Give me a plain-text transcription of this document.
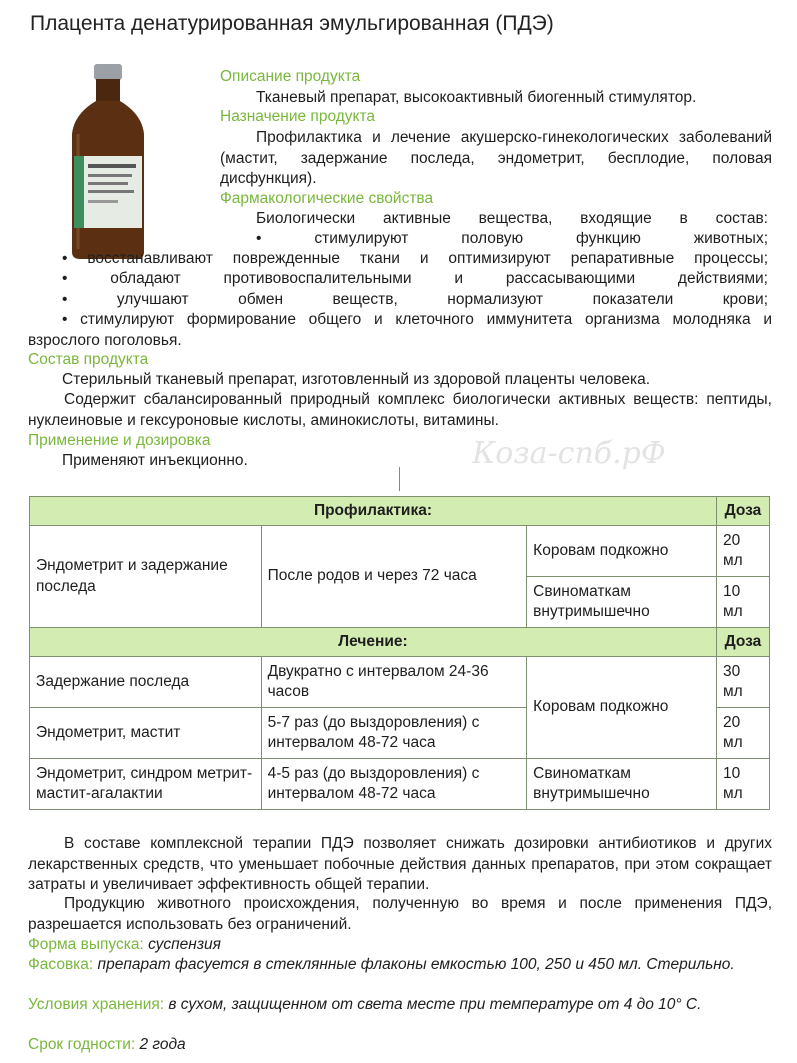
Плацента денатурированная эмульгированная (ПДЭ)

Описание продукта

Тканевый препарат, высокоактивный биогенный стимулятор.

Назначение продукта

Профилактика и лечение акушерско-гинекологических заболеваний (мастит, задержание последа, эндометрит, бесплодие, половая дисфункция).

Фармакологические свойства

Биологически активные вещества, входящие в состав:

• стимулируют половую функцию животных;

• восстанавливают поврежденные ткани и оптимизируют репаративные процессы;

• обладают противовоспалительными и рассасывающими действиями;

• улучшают обмен веществ, нормализуют показатели крови;

• стимулируют формирование общего и клеточного иммунитета организма молодняка и взрослого поголовья.

Состав продукта

Стерильный тканевый препарат, изготовленный из здоровой плаценты человека.

Содержит сбалансированный природный комплекс биологически активных веществ: пептиды, нуклеиновые и гексуроновые кислоты, аминокислоты, витамины.

Применение и дозировка

Применяют инъекционно.	Коза-спб.рФ
Профилактика:			Доза
Эндометрит и задержание последа	После родов и через 72 часа	Коровам подкожно	20 мл
		Свиноматкам внутримышечно	10 мл
Лечение:			Доза
Задержание последа	Двукратно с интервалом 24-36 часов	Коровам подкожно	30 мл
Эндометрит, мастит	5-7 раз (до выздоровления) с интервалом 48-72 часа		20 мл
Эндометрит, синдром метрит-мастит-агалактии	4-5 раз (до выздоровления) с интервалом 48-72 часа	Свиноматкам внутримышечно	10 мл

В составе комплексной терапии ПДЭ позволяет снижать дозировки антибиотиков и других лекарственных средств, что уменьшает побочные действия данных препаратов, при этом сокращает затраты и увеличивает эффективность общей терапии.

Продукцию животного происхождения, полученную во время и после применения ПДЭ, разрешается использовать без ограничений.

Форма выпуска: суспензия

Фасовка: препарат фасуется в стеклянные флаконы емкостью 100, 250 и 450 мл. Стерильно.

Условия хранения: в сухом, защищенном от света месте при температуре от 4 до 10° С.

Срок годности: 2 года
